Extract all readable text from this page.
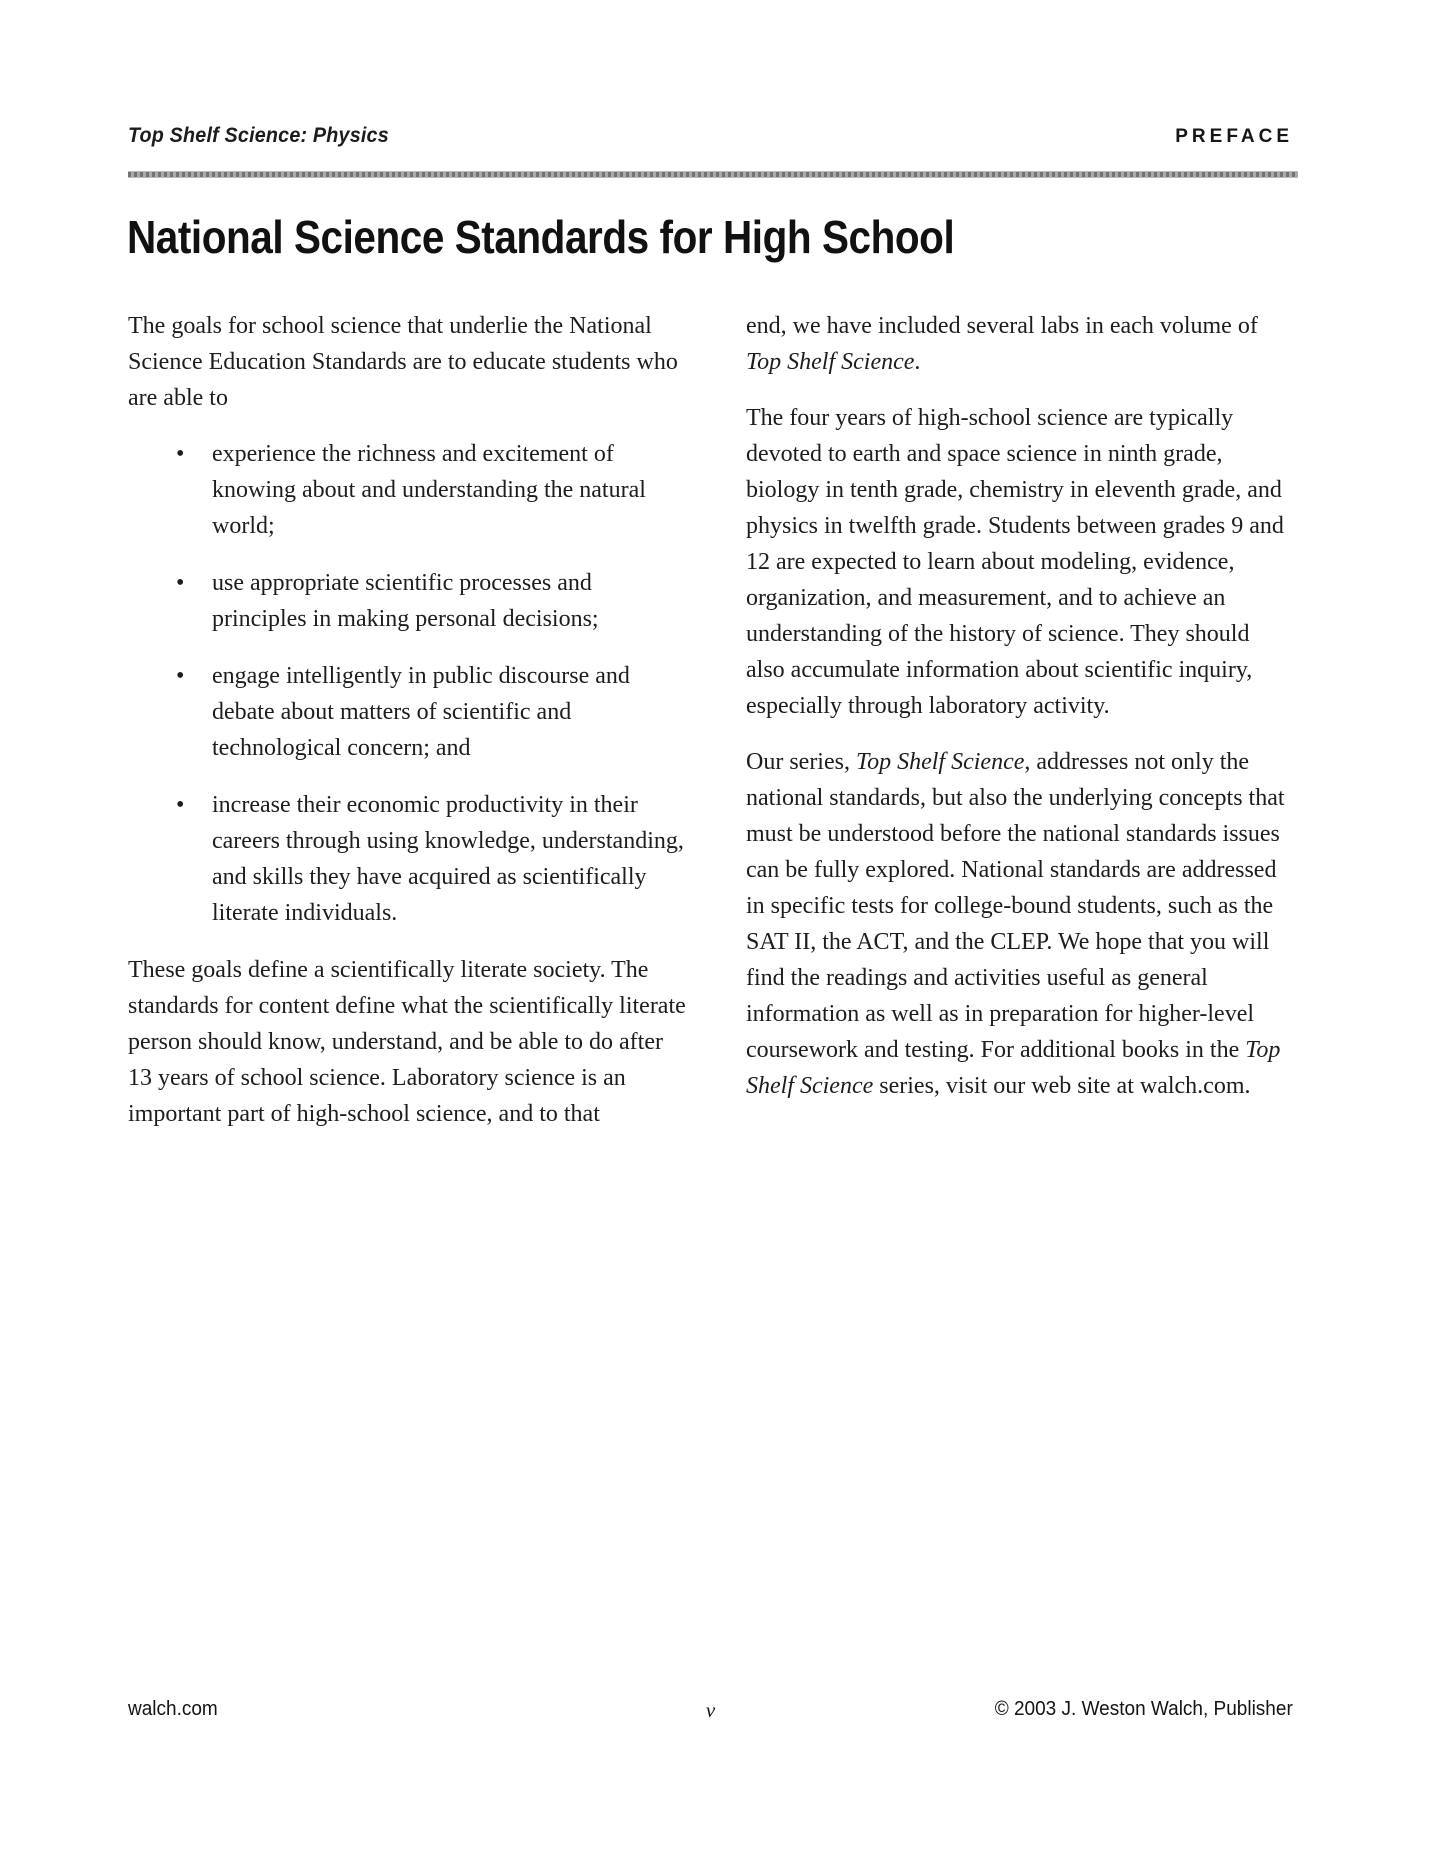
Top Shelf Science: Physics	PREFACE
National Science Standards for High School

The goals for school science that underlie the National Science Education Standards are to educate students who are able to

• experience the richness and excitement of knowing about and understanding the natural world;
• use appropriate scientific processes and principles in making personal decisions;
• engage intelligently in public discourse and debate about matters of scientific and technological concern; and
• increase their economic productivity in their careers through using knowledge, understanding, and skills they have acquired as scientifically literate individuals.

These goals define a scientifically literate society. The standards for content define what the scientifically literate person should know, understand, and be able to do after 13 years of school science. Laboratory science is an important part of high-school science, and to that

end, we have included several labs in each volume of Top Shelf Science.

The four years of high-school science are typically devoted to earth and space science in ninth grade, biology in tenth grade, chemistry in eleventh grade, and physics in twelfth grade. Students between grades 9 and 12 are expected to learn about modeling, evidence, organization, and measurement, and to achieve an understanding of the history of science. They should also accumulate information about scientific inquiry, especially through laboratory activity.

Our series, Top Shelf Science, addresses not only the national standards, but also the underlying concepts that must be understood before the national standards issues can be fully explored. National standards are addressed in specific tests for college-bound students, such as the SAT II, the ACT, and the CLEP. We hope that you will find the readings and activities useful as general information as well as in preparation for higher-level coursework and testing. For additional books in the Top Shelf Science series, visit our web site at walch.com.

walch.com	v	© 2003 J. Weston Walch, Publisher
